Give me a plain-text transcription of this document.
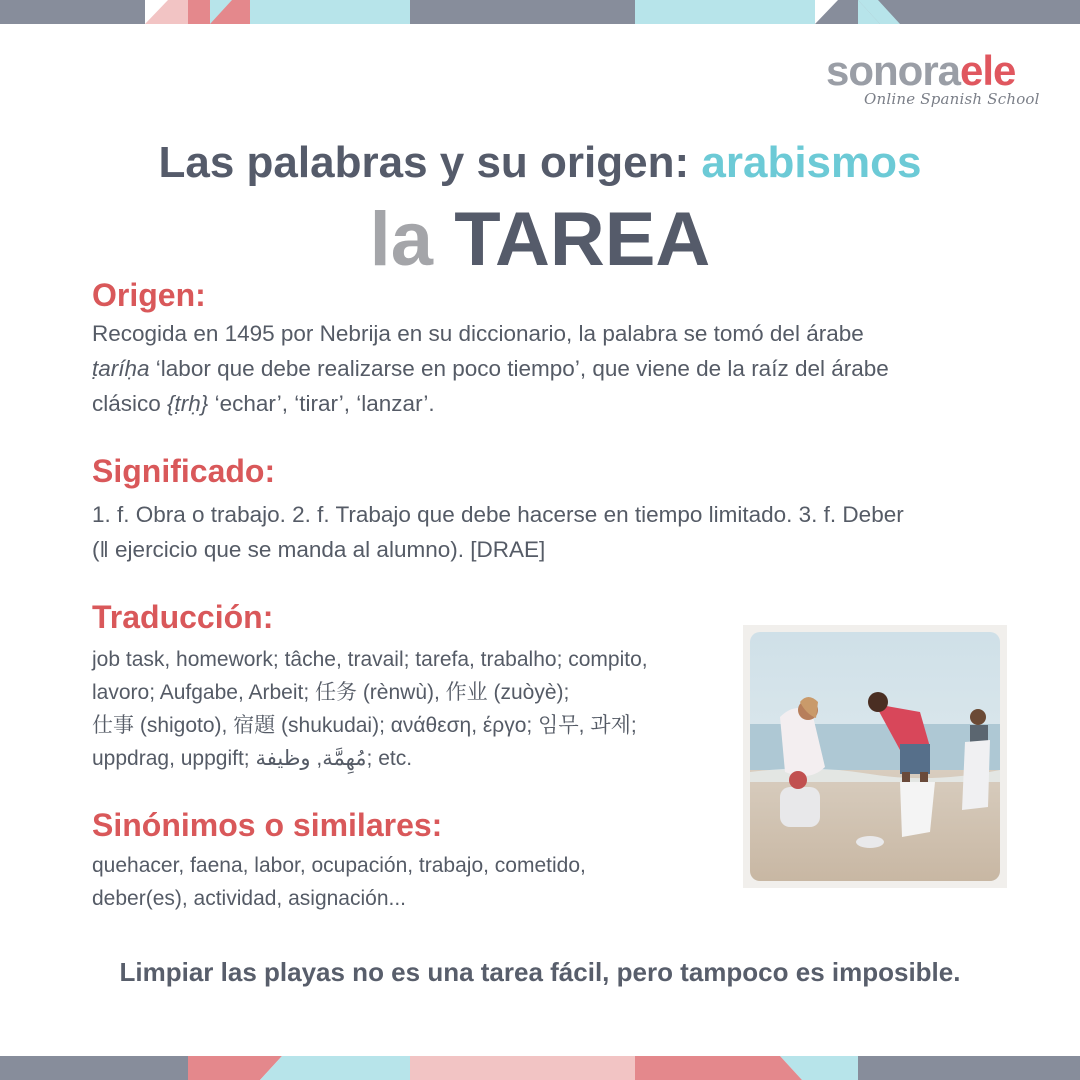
sonoraele
Online Spanish School
Las palabras y su origen: arabismos
la TAREA
Origen:
Recogida en 1495 por Nebrija en su diccionario, la palabra se tomó del árabe
ṭaríḥa ‘labor que debe realizarse en poco tiempo’, que viene de la raíz del árabe
clásico {ṭrḥ} ‘echar’, ‘tirar’, ‘lanzar’.
Significado:
1. f. Obra o trabajo. 2. f. Trabajo que debe hacerse en tiempo limitado. 3. f. Deber
(‖ ejercicio que se manda al alumno). [DRAE]
Traducción:
job task, homework; tâche, travail; tarefa, trabalho; compito,
lavoro; Aufgabe, Arbeit; 任务 (rènwù), 作业 (zuòyè);
仕事 (shigoto), 宿題 (shukudai); ανάθεση, έργο; 임무, 과제;
uppdrag, uppgift; مُهِمَّة, وظيفة; etc.
Sinónimos o similares:
quehacer, faena, labor, ocupación, trabajo, cometido,
deber(es), actividad, asignación...
Limpiar las playas no es una tarea fácil, pero tampoco es imposible.
